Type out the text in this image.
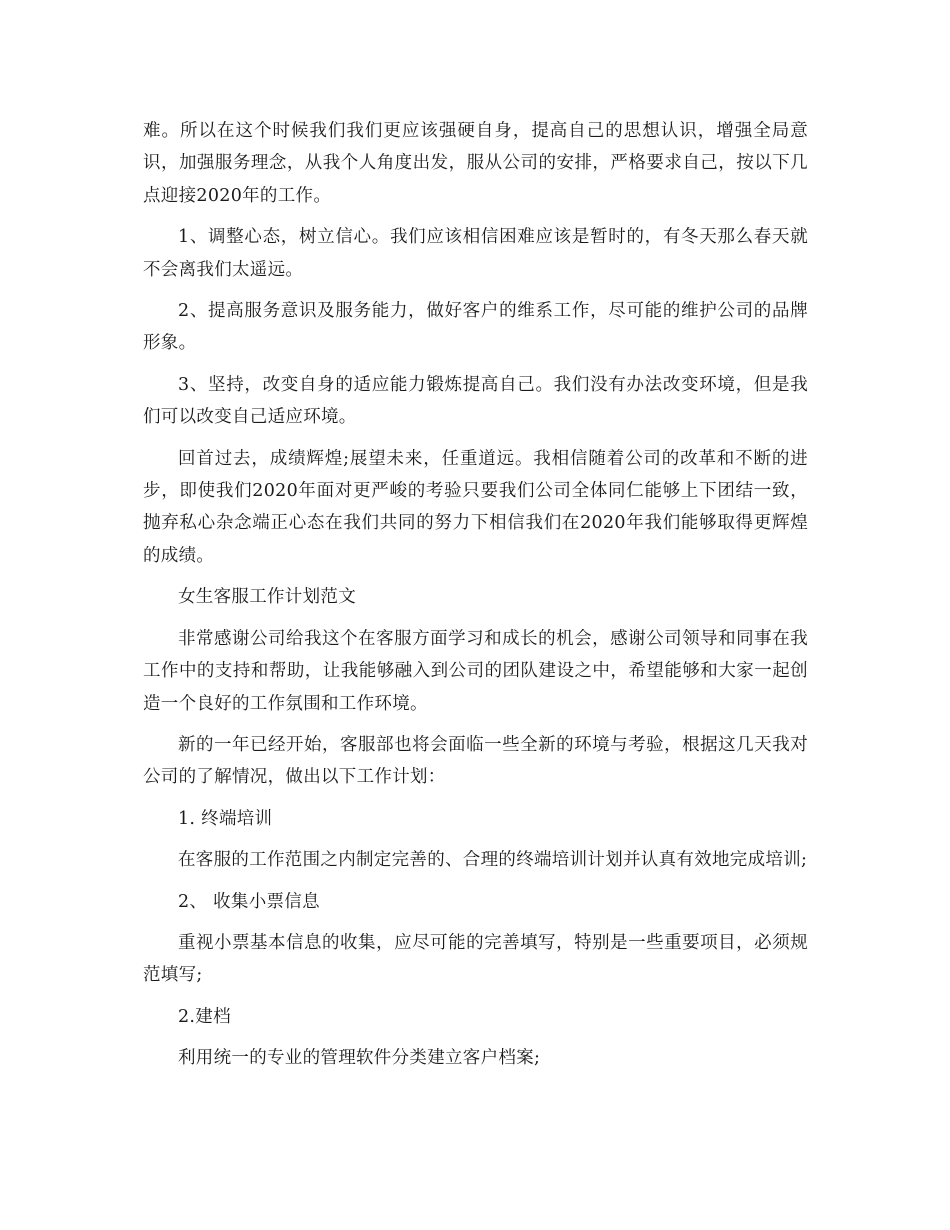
难。所以在这个时候我们我们更应该强硬自身，提高自己的思想认识，增强全局意识，加强服务理念，从我个人角度出发，服从公司的安排，严格要求自己，按以下几点迎接2020年的工作。

1、调整心态，树立信心。我们应该相信困难应该是暂时的，有冬天那么春天就不会离我们太遥远。

2、提高服务意识及服务能力，做好客户的维系工作，尽可能的维护公司的品牌形象。

3、坚持，改变自身的适应能力锻炼提高自己。我们没有办法改变环境，但是我们可以改变自己适应环境。

回首过去，成绩辉煌;展望未来，任重道远。我相信随着公司的改革和不断的进步，即使我们2020年面对更严峻的考验只要我们公司全体同仁能够上下团结一致，抛弃私心杂念端正心态在我们共同的努力下相信我们在2020年我们能够取得更辉煌的成绩。

女生客服工作计划范文

非常感谢公司给我这个在客服方面学习和成长的机会，感谢公司领导和同事在我工作中的支持和帮助，让我能够融入到公司的团队建设之中，希望能够和大家一起创造一个良好的工作氛围和工作环境。

新的一年已经开始，客服部也将会面临一些全新的环境与考验，根据这几天我对公司的了解情况，做出以下工作计划：

1. 终端培训

在客服的工作范围之内制定完善的、合理的终端培训计划并认真有效地完成培训;

2、 收集小票信息

重视小票基本信息的收集，应尽可能的完善填写，特别是一些重要项目，必须规范填写;

2.建档

利用统一的专业的管理软件分类建立客户档案;
